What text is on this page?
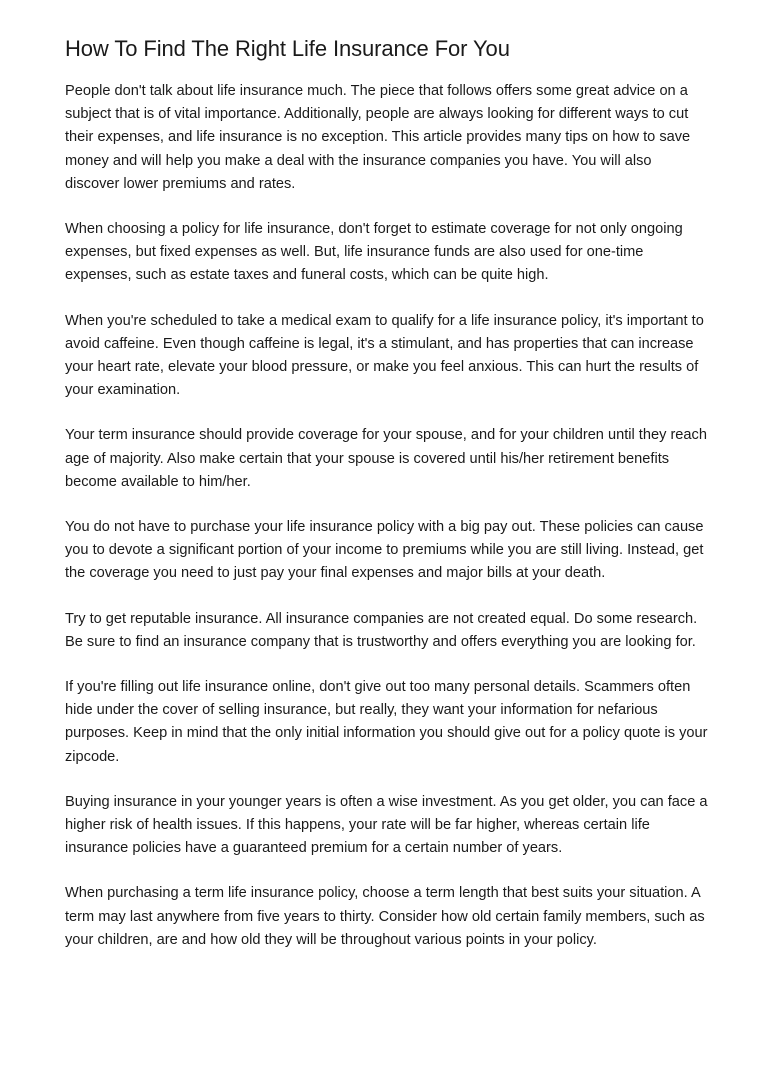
How To Find The Right Life Insurance For You

People don't talk about life insurance much. The piece that follows offers some great advice on a subject that is of vital importance. Additionally, people are always looking for different ways to cut their expenses, and life insurance is no exception. This article provides many tips on how to save money and will help you make a deal with the insurance companies you have. You will also discover lower premiums and rates.

When choosing a policy for life insurance, don't forget to estimate coverage for not only ongoing expenses, but fixed expenses as well. But, life insurance funds are also used for one-time expenses, such as estate taxes and funeral costs, which can be quite high.

When you're scheduled to take a medical exam to qualify for a life insurance policy, it's important to avoid caffeine. Even though caffeine is legal, it's a stimulant, and has properties that can increase your heart rate, elevate your blood pressure, or make you feel anxious. This can hurt the results of your examination.

Your term insurance should provide coverage for your spouse, and for your children until they reach age of majority. Also make certain that your spouse is covered until his/her retirement benefits become available to him/her.

You do not have to purchase your life insurance policy with a big pay out. These policies can cause you to devote a significant portion of your income to premiums while you are still living. Instead, get the coverage you need to just pay your final expenses and major bills at your death.

Try to get reputable insurance. All insurance companies are not created equal. Do some research. Be sure to find an insurance company that is trustworthy and offers everything you are looking for.

If you're filling out life insurance online, don't give out too many personal details. Scammers often hide under the cover of selling insurance, but really, they want your information for nefarious purposes. Keep in mind that the only initial information you should give out for a policy quote is your zipcode.

Buying insurance in your younger years is often a wise investment. As you get older, you can face a higher risk of health issues. If this happens, your rate will be far higher, whereas certain life insurance policies have a guaranteed premium for a certain number of years.

When purchasing a term life insurance policy, choose a term length that best suits your situation. A term may last anywhere from five years to thirty. Consider how old certain family members, such as your children, are and how old they will be throughout various points in your policy.
